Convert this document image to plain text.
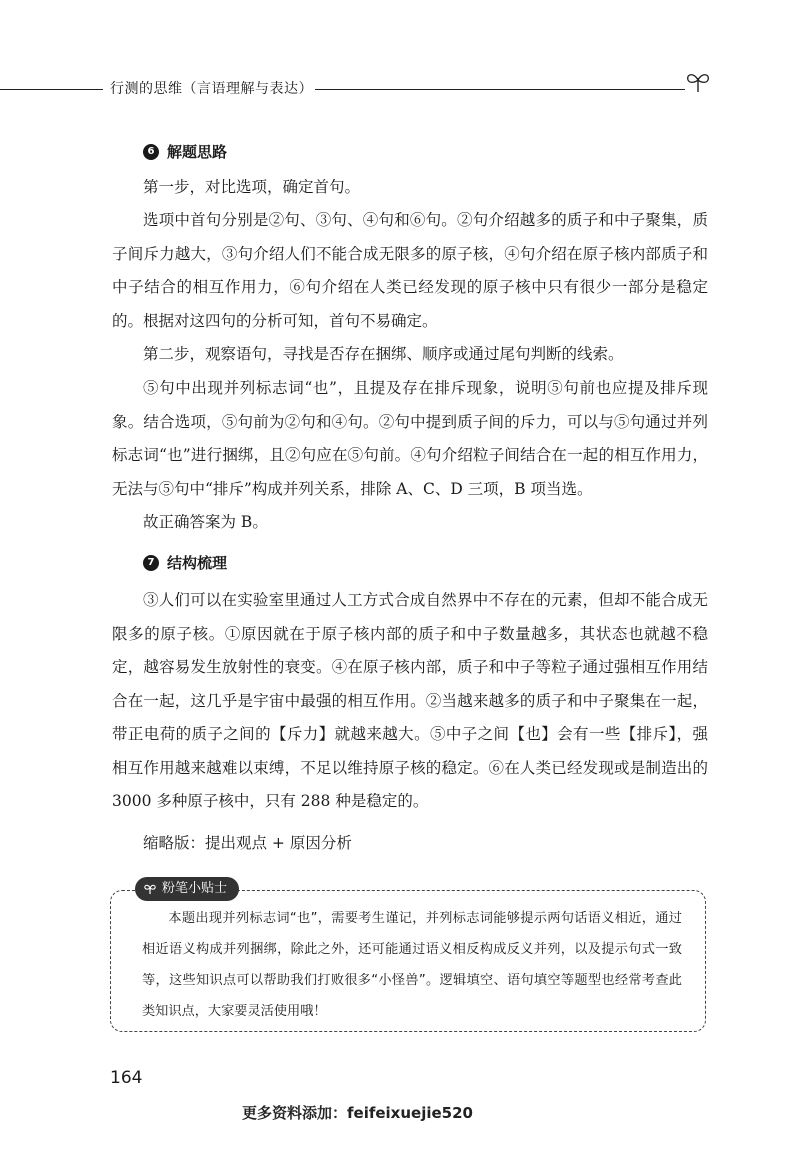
行测的思维（言语理解与表达）
6 解题思路
第一步，对比选项，确定首句。
选项中首句分别是②句、③句、④句和⑥句。②句介绍越多的质子和中子聚集，质子间斥力越大，③句介绍人们不能合成无限多的原子核，④句介绍在原子核内部质子和中子结合的相互作用力，⑥句介绍在人类已经发现的原子核中只有很少一部分是稳定的。根据对这四句的分析可知，首句不易确定。
第二步，观察语句，寻找是否存在捆绑、顺序或通过尾句判断的线索。
⑤句中出现并列标志词“也”，且提及存在排斥现象，说明⑤句前也应提及排斥现象。结合选项，⑤句前为②句和④句。②句中提到质子间的斥力，可以与⑤句通过并列标志词“也”进行捆绑，且②句应在⑤句前。④句介绍粒子间结合在一起的相互作用力，无法与⑤句中“排斥”构成并列关系，排除 A、C、D 三项，B 项当选。
故正确答案为 B。
7 结构梳理
③人们可以在实验室里通过人工方式合成自然界中不存在的元素，但却不能合成无限多的原子核。①原因就在于原子核内部的质子和中子数量越多，其状态也就越不稳定，越容易发生放射性的衰变。④在原子核内部，质子和中子等粒子通过强相互作用结合在一起，这几乎是宇宙中最强的相互作用。②当越来越多的质子和中子聚集在一起，带正电荷的质子之间的【斥力】就越来越大。⑤中子之间【也】会有一些【排斥】，强相互作用越来越难以束缚，不足以维持原子核的稳定。⑥在人类已经发现或是制造出的 3000 多种原子核中，只有 288 种是稳定的。
缩略版：提出观点 + 原因分析
粉笔小贴士
本题出现并列标志词“也”，需要考生谨记，并列标志词能够提示两句话语义相近，通过相近语义构成并列捆绑，除此之外，还可能通过语义相反构成反义并列，以及提示句式一致等，这些知识点可以帮助我们打败很多“小怪兽”。逻辑填空、语句填空等题型也经常考查此类知识点，大家要灵活使用哦！
164
更多资料添加：feifeixuejie520
